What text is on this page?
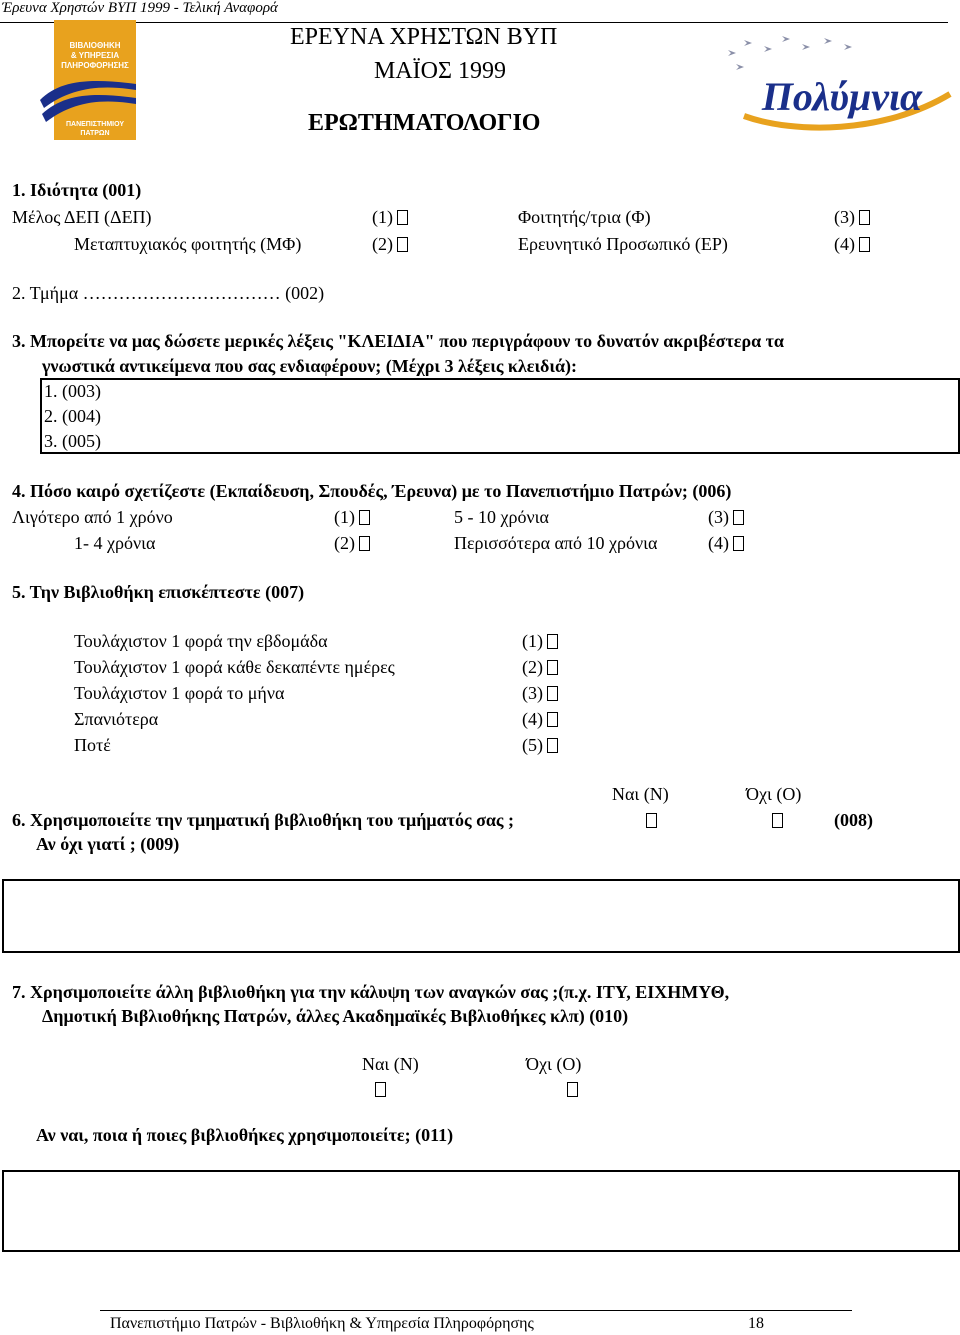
Έρευνα Χρηστών ΒΥΠ 1999 - Τελική Αναφορά
ΒΙΒΛΙΟΘΗΚΗ
& ΥΠΗΡΕΣΙΑ
ΠΛΗΡΟΦΟΡΗΣΗΣ
ΠΑΝΕΠΙΣΤΗΜΙΟΥ
ΠΑΤΡΩΝ
Πολύμνια
ΕΡΕΥΝΑ ΧΡΗΣΤΩΝ ΒΥΠ
ΜΑΪΟΣ 1999
ΕΡΩΤΗΜΑΤΟΛΟΓΙΟ
1. Ιδιότητα (001)
Μέλος ΔΕΠ (ΔΕΠ)	(1)	Φοιτητής/τρια (Φ)	(3)
Μεταπτυχιακός φοιτητής (ΜΦ)	(2)	Ερευνητικό Προσωπικό (ΕΡ)	(4)
2. Τμήμα …………………………… (002)
3. Μπορείτε να μας δώσετε μερικές λέξεις "ΚΛΕΙΔΙΑ" που περιγράφουν το δυνατόν ακριβέστερα τα
γνωστικά αντικείμενα που σας ενδιαφέρουν; (Μέχρι 3 λέξεις κλειδιά):
1. (003)
2. (004)
3. (005)
4. Πόσο καιρό σχετίζεστε (Εκπαίδευση, Σπουδές, Έρευνα) με το Πανεπιστήμιο Πατρών; (006)
Λιγότερο από 1 χρόνο	(1)	5 - 10 χρόνια	(3)
1- 4 χρόνια	(2)	Περισσότερα από 10 χρόνια	(4)
5. Την Βιβλιοθήκη επισκέπτεστε (007)
Τουλάχιστον 1 φορά την εβδομάδα	(1)
Τουλάχιστον 1 φορά κάθε δεκαπέντε ημέρες	(2)
Τουλάχιστον 1 φορά το μήνα	(3)
Σπανιότερα	(4)
Ποτέ	(5)
Ναι (Ν)	Όχι (Ο)
6. Χρησιμοποιείτε την τμηματική βιβλιοθήκη του τμήματός σας ;	(008)
Αν όχι γιατί ; (009)
7. Χρησιμοποιείτε άλλη βιβλιοθήκη για την κάλυψη των αναγκών σας ;(π.χ. ΙΤΥ, ΕΙΧΗΜΥΘ,
Δημοτική Βιβλιοθήκης Πατρών, άλλες Ακαδημαϊκές Βιβλιοθήκες κλπ) (010)
Ναι (Ν)	Όχι (Ο)
Αν ναι, ποια ή ποιες βιβλιοθήκες χρησιμοποιείτε; (011)
Πανεπιστήμιο Πατρών - Βιβλιοθήκη & Υπηρεσία Πληροφόρησης	18
